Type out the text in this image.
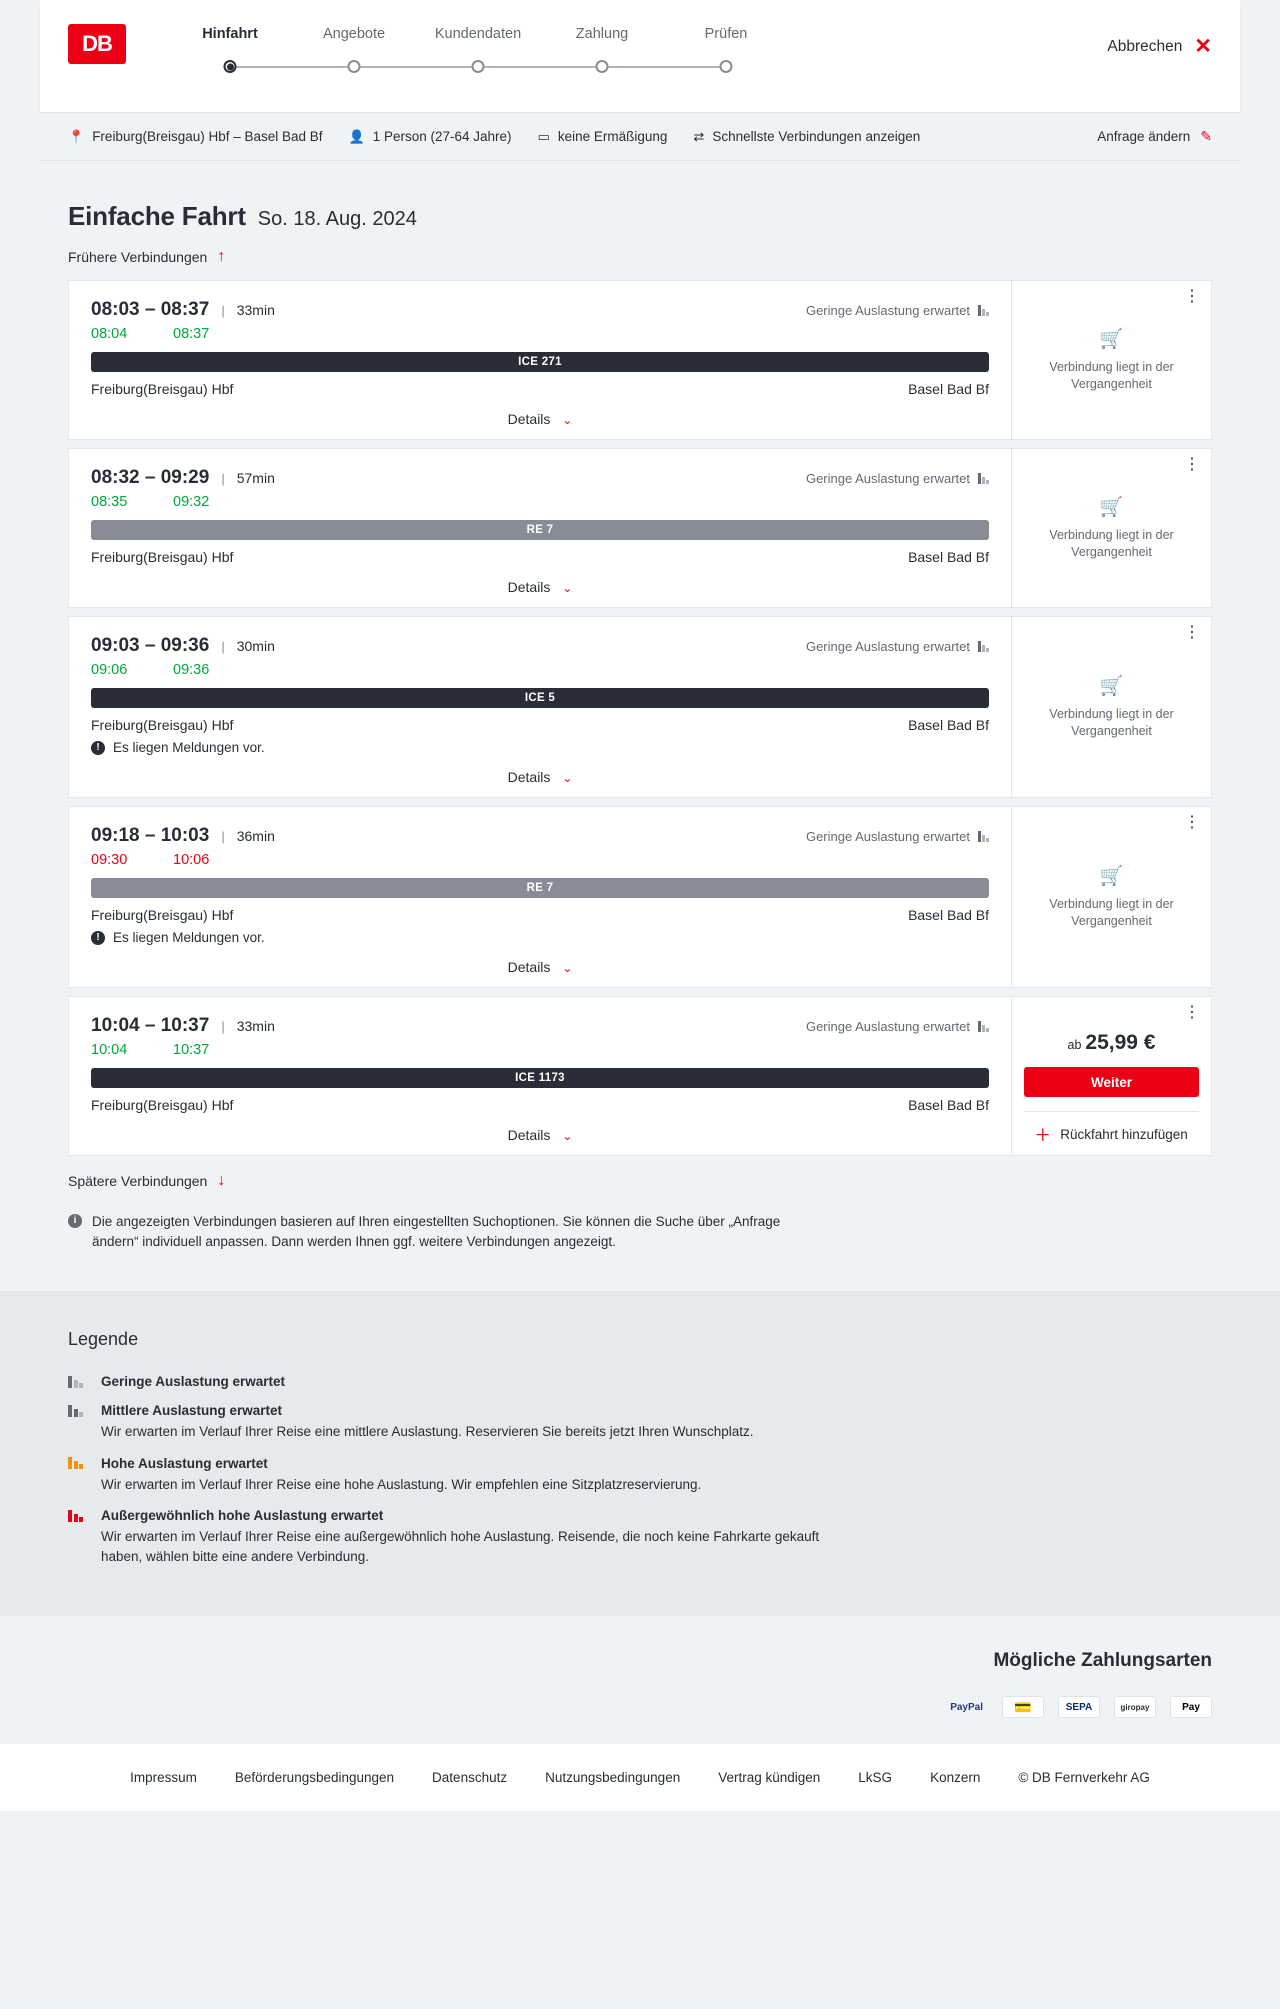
DB	Hinfahrt	Angebote	Kundendaten	Zahlung	Prüfen
Abbrechen ✕
📍 Freiburg(Breisgau) Hbf – Basel Bad Bf 👤 1 Person (27-64 Jahre) ▭ keine Ermäßigung ⇄ Schnellste Verbindungen anzeigen	Anfrage ändern ✎
Einfache Fahrt So. 18. Aug. 2024
Frühere Verbindungen ↑
08:03 – 08:37 | 33min	Geringe Auslastung erwartet
08:04	08:37
ICE 271
Freiburg(Breisgau) Hbf	Basel Bad Bf
Details ⌄
⋮
🛒
Verbindung liegt in der Vergangenheit
08:32 – 09:29 | 57min	Geringe Auslastung erwartet
08:35	09:32
RE 7
Freiburg(Breisgau) Hbf	Basel Bad Bf
Details ⌄
⋮
🛒
Verbindung liegt in der Vergangenheit
09:03 – 09:36 | 30min	Geringe Auslastung erwartet
09:06	09:36
ICE 5
Freiburg(Breisgau) Hbf	Basel Bad Bf
! Es liegen Meldungen vor.
Details ⌄
⋮
🛒
Verbindung liegt in der Vergangenheit
09:18 – 10:03 | 36min	Geringe Auslastung erwartet
09:30	10:06
RE 7
Freiburg(Breisgau) Hbf	Basel Bad Bf
! Es liegen Meldungen vor.
Details ⌄
⋮
🛒
Verbindung liegt in der Vergangenheit
10:04 – 10:37 | 33min	Geringe Auslastung erwartet
10:04	10:37
ICE 1173
Freiburg(Breisgau) Hbf	Basel Bad Bf
Details ⌄
⋮
ab 25,99 €
Weiter
＋ Rückfahrt hinzufügen
Spätere Verbindungen ↓
i	Die angezeigten Verbindungen basieren auf Ihren eingestellten Suchoptionen. Sie können die Suche über „Anfrage ändern“ individuell anpassen. Dann werden Ihnen ggf. weitere Verbindungen angezeigt.
Legende
Geringe Auslastung erwartet
Mittlere Auslastung erwartet
Wir erwarten im Verlauf Ihrer Reise eine mittlere Auslastung. Reservieren Sie bereits jetzt Ihren Wunschplatz.
Hohe Auslastung erwartet
Wir erwarten im Verlauf Ihrer Reise eine hohe Auslastung. Wir empfehlen eine Sitzplatzreservierung.
Außergewöhnlich hohe Auslastung erwartet
Wir erwarten im Verlauf Ihrer Reise eine außergewöhnlich hohe Auslastung. Reisende, die noch keine Fahrkarte gekauft haben, wählen bitte eine andere Verbindung.
Mögliche Zahlungsarten
PayPal	💳	SEPA	giropay	Pay
Impressum	Beförderungsbedingungen	Datenschutz	Nutzungsbedingungen	Vertrag kündigen	LkSG	Konzern	© DB Fernverkehr AG
